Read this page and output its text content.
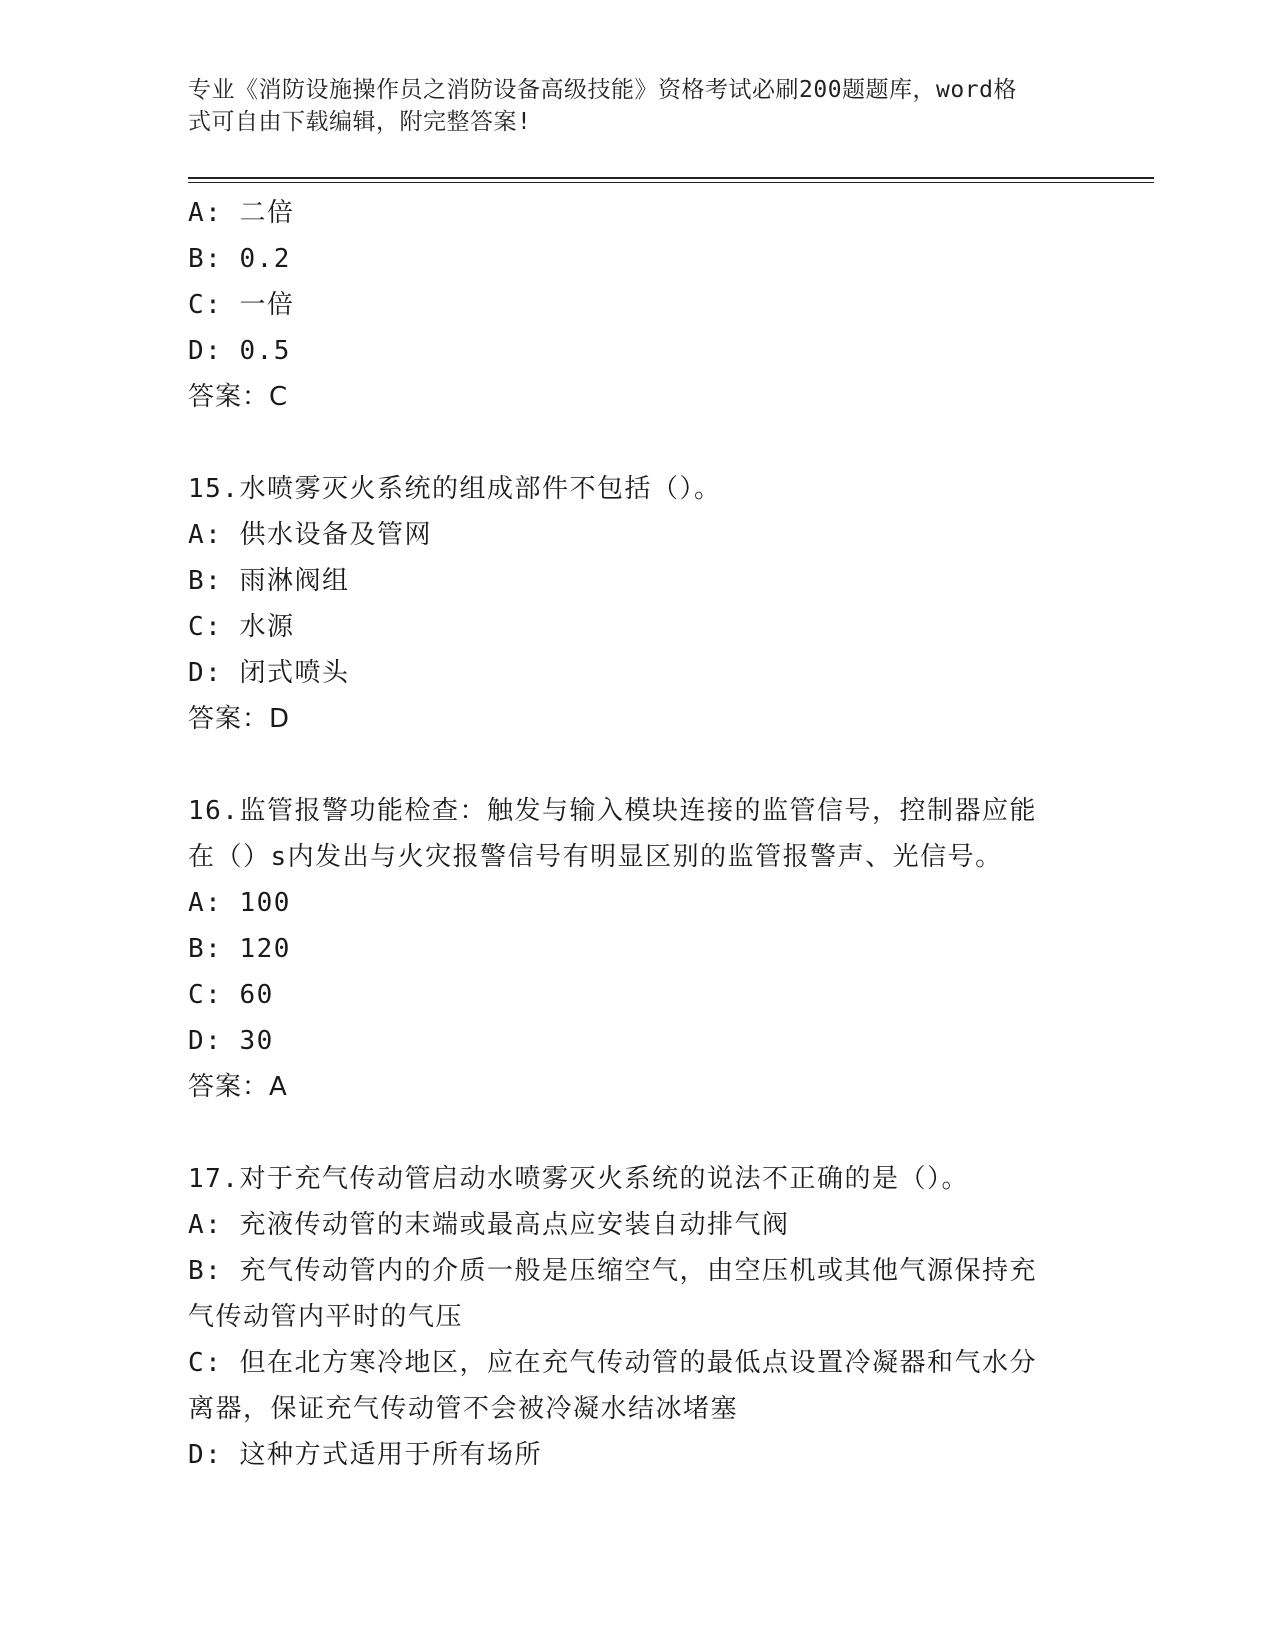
专业《消防设施操作员之消防设备高级技能》资格考试必刷200题题库，word格
式可自由下载编辑，附完整答案!
A: 二倍
B: 0.2
C: 一倍
D: 0.5
答案：C
15.水喷雾灭火系统的组成部件不包括（）。
A: 供水设备及管网
B: 雨淋阀组
C: 水源
D: 闭式喷头
答案：D
16.监管报警功能检查：触发与输入模块连接的监管信号，控制器应能
在（）s内发出与火灾报警信号有明显区别的监管报警声、光信号。
A: 100
B: 120
C: 60
D: 30
答案：A
17.对于充气传动管启动水喷雾灭火系统的说法不正确的是（）。
A: 充液传动管的末端或最高点应安装自动排气阀
B: 充气传动管内的介质一般是压缩空气，由空压机或其他气源保持充
气传动管内平时的气压
C: 但在北方寒冷地区，应在充气传动管的最低点设置冷凝器和气水分
离器，保证充气传动管不会被冷凝水结冰堵塞
D: 这种方式适用于所有场所
